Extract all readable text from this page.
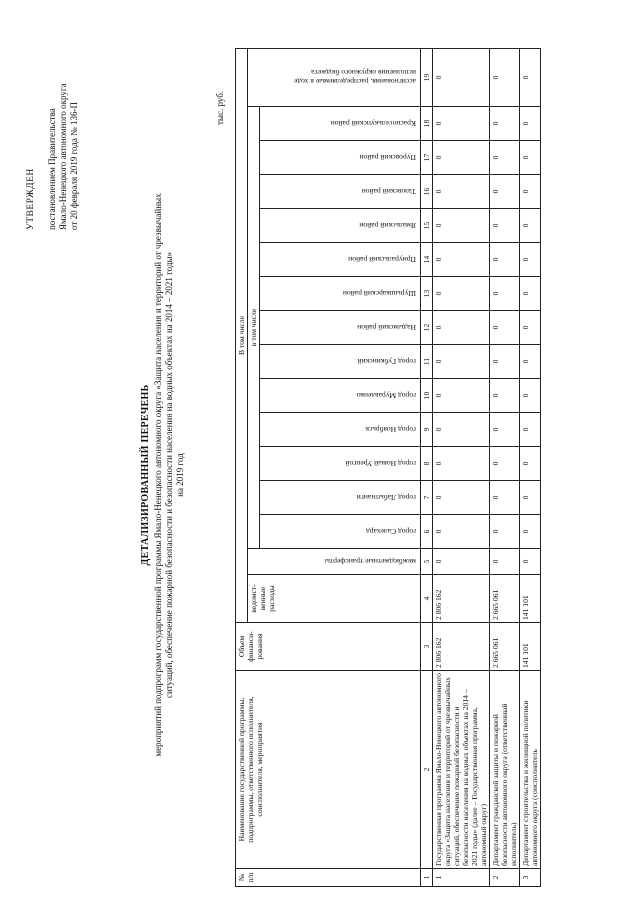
УТВЕРЖДЕН постановлением Правительства Ямало-Ненецкого автономного округа от 20 февраля 2019 года № 136-П
ДЕТАЛИЗИРОВАННЫЙ ПЕРЕЧЕНЬ мероприятий подпрограмм государственной программы Ямало-Ненецкого автономного округа «Защита населения и территорий от чрезвычайных ситуаций, обеспечение пожарной безопасности и безопасности населения на водных объектах на 2014 – 2021 годы» на 2019 год
тыс. руб.
№ п/п	Наименование государственной программы, подпрограммы, ответственного исполнителя, соисполнителя, мероприятия	Объем финанси-рования	В том числе															
			ведомст-венные расходы	межбюджетные трансферты	в том числе													ассигнования, распределяемые в ходе исполнения окружного бюджета

					город Салехард	город Лабытнанги	город Новый Уренгой	город Ноябрьск	город Муравленко	город Губкинский	Надымский район	Шурышкарский район	Приуральский район	Ямальский район	Тазовский район	Пуровский район	Красноселькупский район	

1	2	3	4	5	6	7	8	9	10	11	12	13	14	15	16	17	18	19
1	Государственная программа Ямало-Ненецкого автономного округа «Защита населения и территорий от чрезвычайных ситуаций, обеспечение пожарной безопасности и безопасности населения на водных объектах на 2014 – 2021 годы» (далее – Государственная программа, автономный округ)	2 806 162	2 806 162	0	0	0	0	0	0	0	0	0	0	0	0	0	0	0
2	Департамент гражданской защиты и пожарной безопасности автономного округа (ответственный исполнитель)	2 665 061	2 665 061	0	0	0	0	0	0	0	0	0	0	0	0	0	0	0
3	Департамент строительства и жилищной политики автономного округа (соисполнитель	141 101	141 101	0	0	0	0	0	0	0	0	0	0	0	0	0	0	0
